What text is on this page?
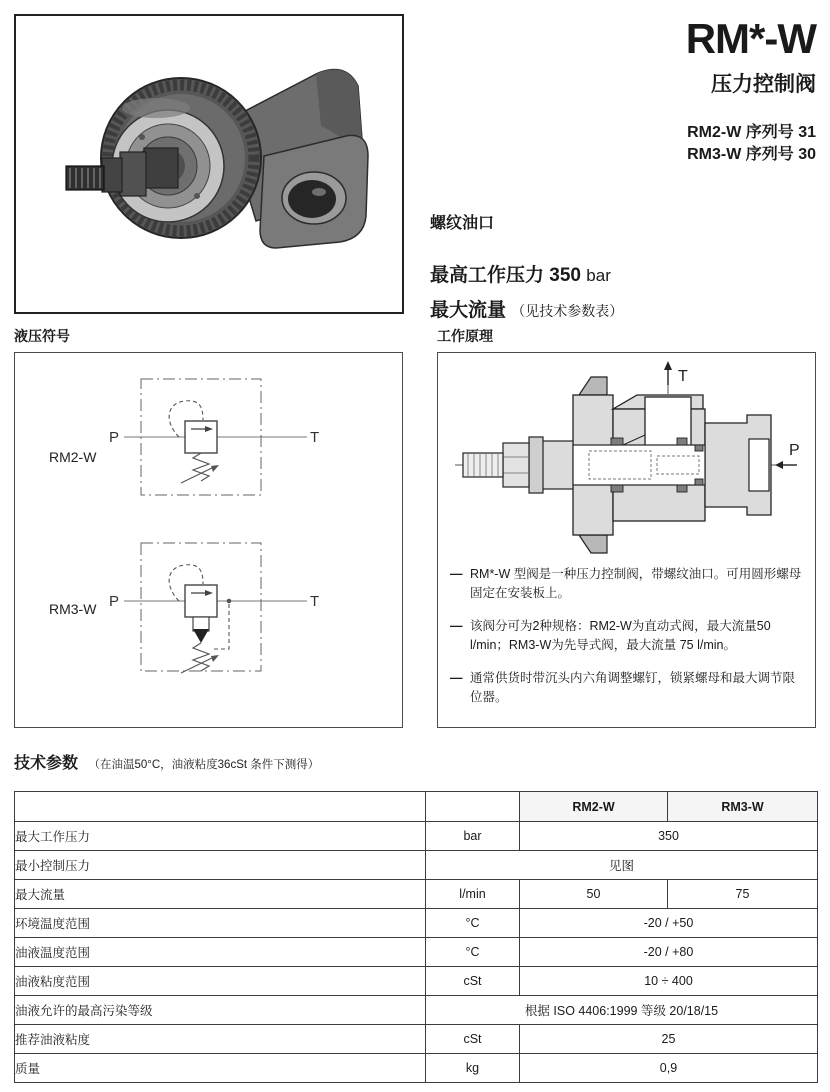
RM*-W
压力控制阀
RM2-W 序列号 31
RM3-W 序列号 30
螺纹油口
最高工作压力 350 bar
最大流量 （见技术参数表）
液压符号
RM2-W
P	T
RM3-W P	T
工作原理
T
P
— RM*-W 型阀是一种压力控制阀，带螺纹油口。可用圆形螺母固定在安装板上。
— 该阀分可为2种规格：RM2-W为直动式阀，最大流量50 l/min；RM3-W为先导式阀，最大流量 75 l/min。
— 通常供货时带沉头内六角调整螺钉，锁紧螺母和最大调节限位器。
技术参数 （在油温50°C，油液粘度36cSt 条件下测得）
		RM2-W	RM3-W
最大工作压力	bar	350	
最小控制压力	见图		
最大流量	l/min	50	75
环境温度范围	°C	-20 / +50	
油液温度范围	°C	-20 / +80	
油液粘度范围	cSt	10 ÷ 400	
油液允许的最高污染等级	根据 ISO 4406:1999 等级 20/18/15		
推荐油液粘度	cSt	25	
质量	kg	0,9	
